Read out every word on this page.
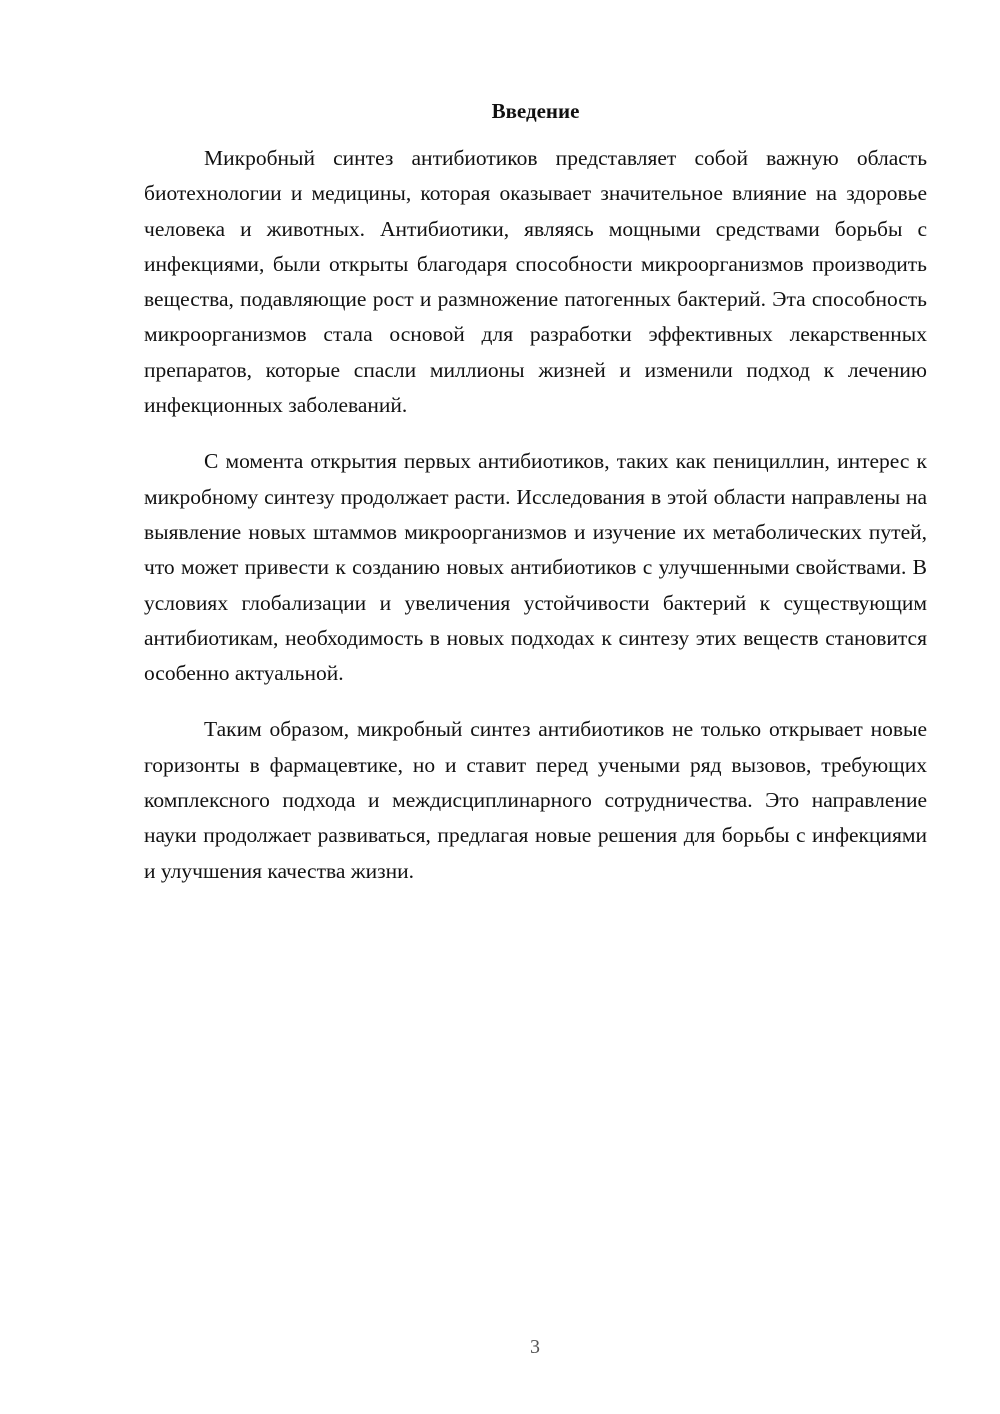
Введение

Микробный синтез антибиотиков представляет собой важную область биотехнологии и медицины, которая оказывает значительное влияние на здоровье человека и животных. Антибиотики, являясь мощными средствами борьбы с инфекциями, были открыты благодаря способности микроорганизмов производить вещества, подавляющие рост и размножение патогенных бактерий. Эта способность микроорганизмов стала основой для разработки эффективных лекарственных препаратов, которые спасли миллионы жизней и изменили подход к лечению инфекционных заболеваний.

С момента открытия первых антибиотиков, таких как пенициллин, интерес к микробному синтезу продолжает расти. Исследования в этой области направлены на выявление новых штаммов микроорганизмов и изучение их метаболических путей, что может привести к созданию новых антибиотиков с улучшенными свойствами. В условиях глобализации и увеличения устойчивости бактерий к существующим антибиотикам, необходимость в новых подходах к синтезу этих веществ становится особенно актуальной.

Таким образом, микробный синтез антибиотиков не только открывает новые горизонты в фармацевтике, но и ставит перед учеными ряд вызовов, требующих комплексного подхода и междисциплинарного сотрудничества. Это направление науки продолжает развиваться, предлагая новые решения для борьбы с инфекциями и улучшения качества жизни.

3
